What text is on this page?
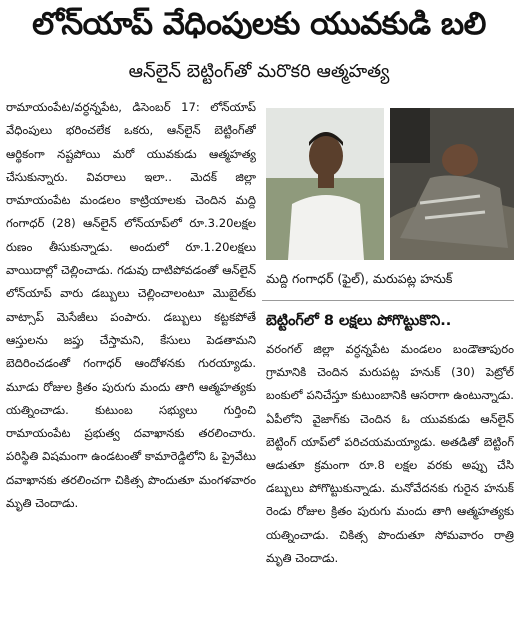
లోన్‌యాప్ వేధింపులకు యువకుడి బలి
ఆన్‌లైన్ బెట్టింగ్‌తో మరొకరి ఆత్మహత్య

రామాయంపేట/వర్ధన్నపేట, డిసెంబర్ 17: లోన్‌యాప్ వేధింపులు భరించలేక ఒకరు, ఆన్‌లైన్ బెట్టింగ్‌తో ఆర్థికంగా నష్టపోయి మరో యువకుడు ఆత్మహత్య చేసుకున్నారు. వివరాలు ఇలా.. మెదక్ జిల్లా రామాయంపేట మండలం కాట్రియాలకు చెందిన మద్ది గంగాధర్ (28) ఆన్‌లైన్ లోన్‌యాప్‌లో రూ.3.20లక్షల రుణం తీసుకున్నాడు. అందులో రూ.1.20లక్షలు వాయిదాల్లో చెల్లించాడు. గడువు దాటిపోవడంతో ఆన్‌లైన్ లోన్‌యాప్ వారు డబ్బులు చెల్లించాలంటూ మొబైల్‌కు వాట్సాప్ మెసేజీలు పంపారు. డబ్బులు కట్టకపోతే ఆస్తులను జప్తు చేస్తామని, కేసులు పెడతామని బెదిరించడంతో గంగాధర్ ఆందోళనకు గురయ్యాడు. మూడు రోజుల క్రితం పురుగు మందు తాగి ఆత్మహత్యకు యత్నించాడు. కుటుంబ సభ్యులు గుర్తించి రామాయంపేట ప్రభుత్వ దవాఖానకు తరలించారు. పరిస్థితి విషమంగా ఉండటంతో కామారెడ్డిలోని ఓ ప్రైవేటు దవాఖానకు తరలించగా చికిత్స పొందుతూ మంగళవారం మృతి చెందాడు.

మద్ది గంగాధర్ (ఫైల్), మరుపట్ల హనుక్
బెట్టింగ్‌లో 8 లక్షలు పోగొట్టుకొని..

వరంగల్ జిల్లా వర్ధన్నపేట మండలం బండౌతాపురం గ్రామానికి చెందిన మరుపట్ల హనుక్ (30) పెట్రోల్ బంకులో పనిచేస్తూ కుటుంబానికి ఆసరాగా ఉంటున్నాడు. ఏపీలోని వైజాగ్‌కు చెందిన ఓ యువకుడు ఆన్‌లైన్ బెట్టింగ్ యాప్‌లో పరిచయమయ్యాడు. అతడితో బెట్టింగ్ ఆడుతూ క్రమంగా రూ.8 లక్షల వరకు అప్పు చేసి డబ్బులు పోగొట్టుకున్నాడు. మనోవేదనకు గురైన హనుక్ రెండు రోజుల క్రితం పురుగు మందు తాగి ఆత్మహత్యకు యత్నించాడు. చికిత్స పొందుతూ సోమవారం రాత్రి మృతి చెందాడు.
